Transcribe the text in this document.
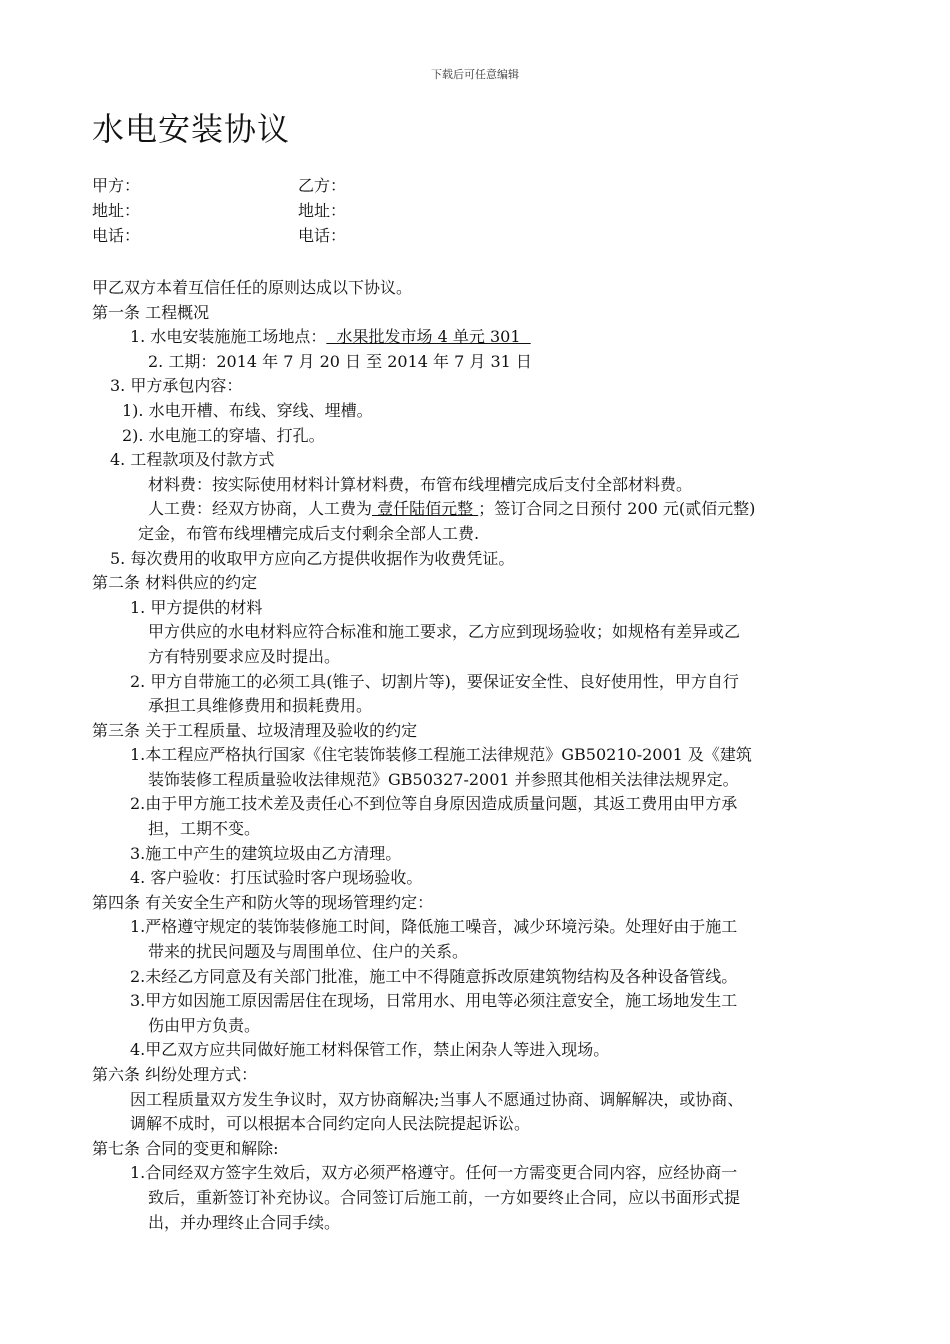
下载后可任意编辑
水电安装协议
甲方：	乙方：
地址：	地址：
电话：	电话：
甲乙双方本着互信任任的原则达成以下协议。
第一条 工程概况
1. 水电安装施施工场地点：  水果批发市场 4 单元 301
2. 工期：2014 年 7 月 20 日 至 2014 年 7 月 31 日
3. 甲方承包内容：
1). 水电开槽、布线、穿线、埋槽。
2). 水电施工的穿墙、打孔。
4. 工程款项及付款方式
材料费：按实际使用材料计算材料费，布管布线埋槽完成后支付全部材料费。
人工费：经双方协商，人工费为 壹仟陆佰元整 ；签订合同之日预付 200 元(贰佰元整)
定金，布管布线埋槽完成后支付剩余全部人工费.
5. 每次费用的收取甲方应向乙方提供收据作为收费凭证。
第二条 材料供应的约定
1. 甲方提供的材料
甲方供应的水电材料应符合标准和施工要求，乙方应到现场验收；如规格有差异或乙
方有特别要求应及时提出。
2. 甲方自带施工的必须工具(锥子、切割片等)，要保证安全性、良好使用性，甲方自行
承担工具维修费用和损耗费用。
第三条 关于工程质量、垃圾清理及验收的约定
1.本工程应严格执行国家《住宅装饰装修工程施工法律规范》GB50210-2001 及《建筑
装饰装修工程质量验收法律规范》GB50327-2001 并参照其他相关法律法规界定。
2.由于甲方施工技术差及责任心不到位等自身原因造成质量问题，其返工费用由甲方承
担，工期不变。
3.施工中产生的建筑垃圾由乙方清理。
4. 客户验收：打压试验时客户现场验收。
第四条 有关安全生产和防火等的现场管理约定：
1.严格遵守规定的装饰装修施工时间，降低施工噪音，减少环境污染。处理好由于施工
带来的扰民问题及与周围单位、住户的关系。
2.未经乙方同意及有关部门批准，施工中不得随意拆改原建筑物结构及各种设备管线。
3.甲方如因施工原因需居住在现场，日常用水、用电等必须注意安全，施工场地发生工
伤由甲方负责。
4.甲乙双方应共同做好施工材料保管工作，禁止闲杂人等进入现场。
第六条 纠纷处理方式：
因工程质量双方发生争议时，双方协商解决;当事人不愿通过协商、调解解决，或协商、
调解不成时，可以根据本合同约定向人民法院提起诉讼。
第七条 合同的变更和解除:
1.合同经双方签字生效后，双方必须严格遵守。任何一方需变更合同内容，应经协商一
致后，重新签订补充协议。合同签订后施工前，一方如要终止合同，应以书面形式提
出，并办理终止合同手续。
